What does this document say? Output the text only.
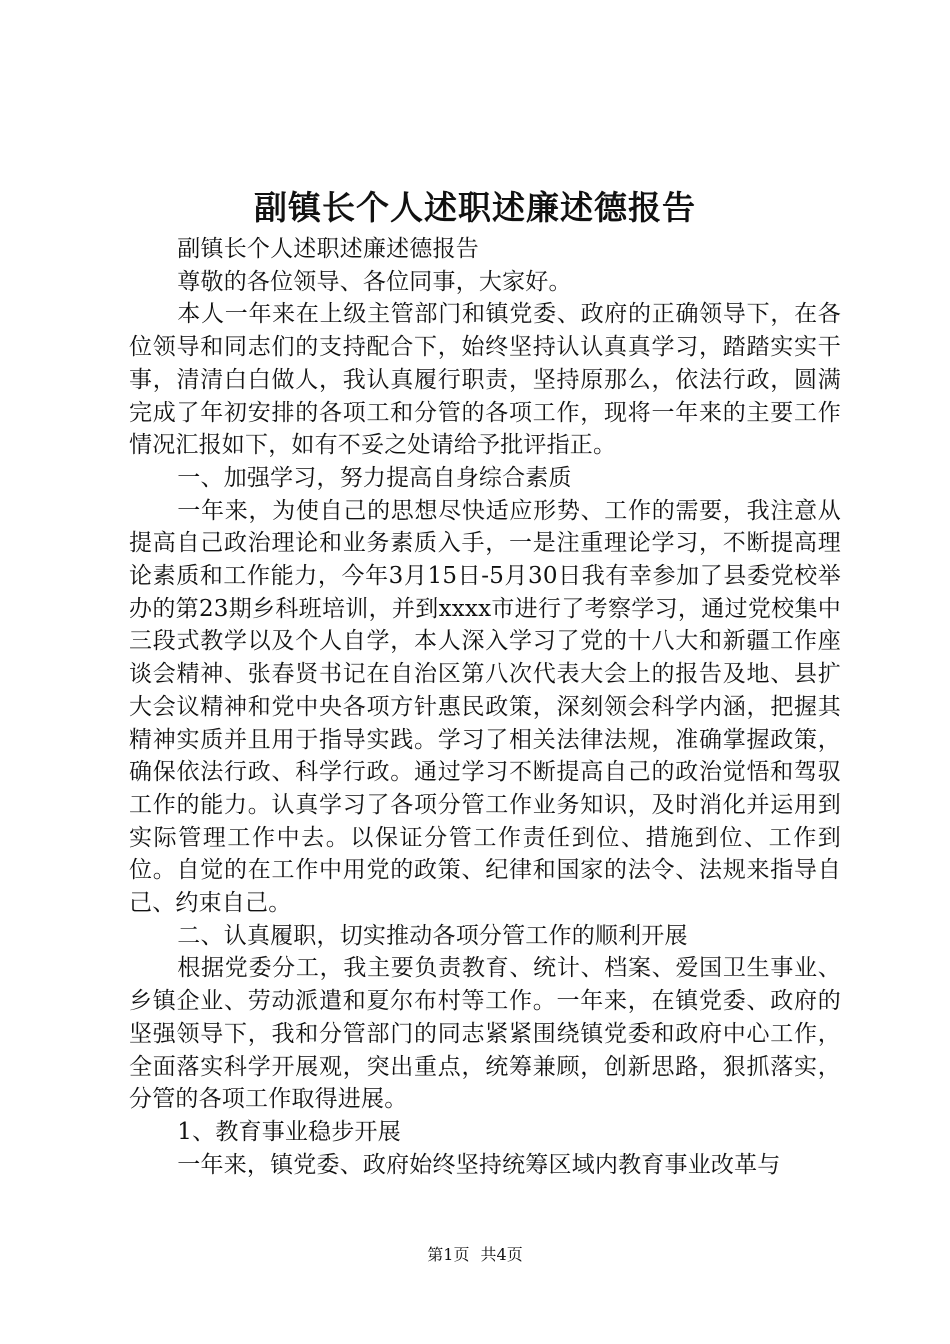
副镇长个人述职述廉述德报告

副镇长个人述职述廉述德报告

尊敬的各位领导、各位同事，大家好。

本人一年来在上级主管部门和镇党委、政府的正确领导下，在各位领导和同志们的支持配合下，始终坚持认认真真学习，踏踏实实干事，清清白白做人，我认真履行职责，坚持原那么，依法行政，圆满完成了年初安排的各项工和分管的各项工作，现将一年来的主要工作情况汇报如下，如有不妥之处请给予批评指正。

一、加强学习，努力提高自身综合素质

一年来，为使自己的思想尽快适应形势、工作的需要，我注意从提高自己政治理论和业务素质入手，一是注重理论学习，不断提高理论素质和工作能力，今年3月15日-5月30日我有幸参加了县委党校举办的第23期乡科班培训，并到xxxx市进行了考察学习，通过党校集中三段式教学以及个人自学，本人深入学习了党的十八大和新疆工作座谈会精神、张春贤书记在自治区第八次代表大会上的报告及地、县扩大会议精神和党中央各项方针惠民政策，深刻领会科学内涵，把握其精神实质并且用于指导实践。学习了相关法律法规，准确掌握政策，确保依法行政、科学行政。通过学习不断提高自己的政治觉悟和驾驭工作的能力。认真学习了各项分管工作业务知识，及时消化并运用到实际管理工作中去。以保证分管工作责任到位、措施到位、工作到位。自觉的在工作中用党的政策、纪律和国家的法令、法规来指导自己、约束自己。

二、认真履职，切实推动各项分管工作的顺利开展

根据党委分工，我主要负责教育、统计、档案、爱国卫生事业、乡镇企业、劳动派遣和夏尔布村等工作。一年来，在镇党委、政府的坚强领导下，我和分管部门的同志紧紧围绕镇党委和政府中心工作，全面落实科学开展观，突出重点，统筹兼顾，创新思路，狠抓落实，分管的各项工作取得进展。

1、教育事业稳步开展

一年来，镇党委、政府始终坚持统筹区域内教育事业改革与

第1页 共4页
